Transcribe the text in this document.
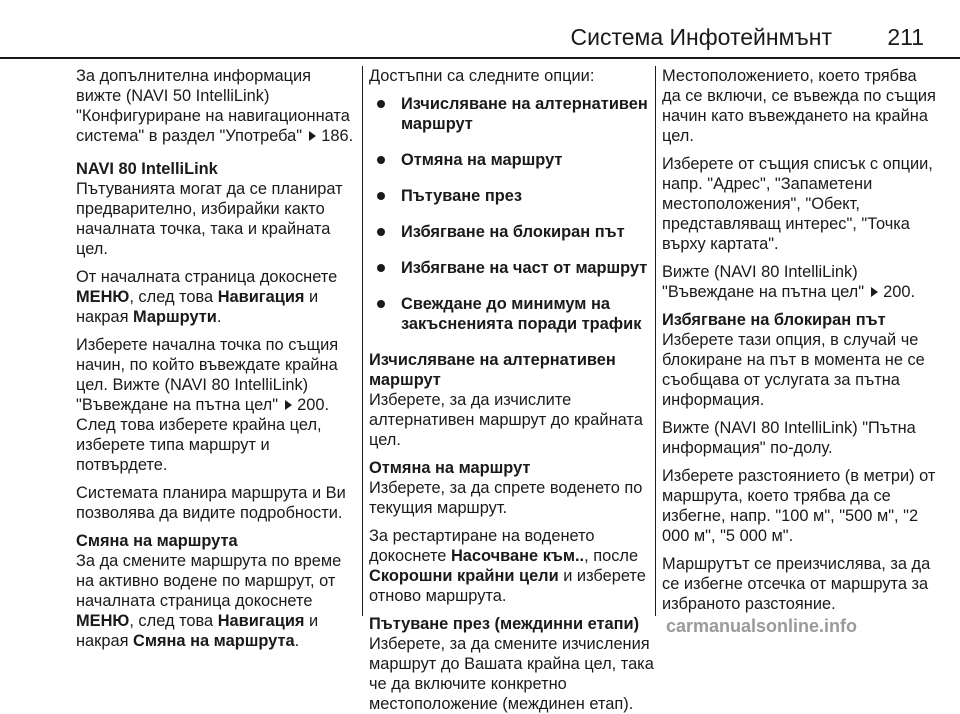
Система Инфотейнмънт 211

За допълнителна информация вижте (NAVI 50 IntelliLink) "Конфигуриране на навигационната система" в раздел "Употреба" 186.

NAVI 80 IntelliLink

Пътуванията могат да се планират предварително, избирайки както началната точка, така и крайната цел.

От началната страница докоснете МЕНЮ, след това Навигация и накрая Маршрути.

Изберете начална точка по същия начин, по който въвеждате крайна цел. Вижте (NAVI 80 IntelliLink) "Въвеждане на пътна цел" 200.
След това изберете крайна цел, изберете типа маршрут и потвърдете.

Системата планира маршрута и Ви позволява да видите подробности.

Смяна на маршрута

За да смените маршрута по време на активно водене по маршрут, от началната страница докоснете МЕНЮ, след това Навигация и накрая Смяна на маршрута.

Достъпни са следните опции:

Изчисляване на алтернативен маршрут
Отмяна на маршрут
Пътуване през
Избягване на блокиран път
Избягване на част от маршрут
Свеждане до минимум на закъсненията поради трафик
Изчисляване на алтернативен маршрут

Изберете, за да изчислите алтернативен маршрут до крайната цел.

Отмяна на маршрут

Изберете, за да спрете воденето по текущия маршрут.

За рестартиране на воденето докоснете Насочване към.., после Скорошни крайни цели и изберете отново маршрута.

Пътуване през (междинни етапи)

Изберете, за да смените изчисления маршрут до Вашата крайна цел, така че да включите конкретно местоположение (междинен етап).

Местоположението, което трябва да се включи, се въвежда по същия начин като въвеждането на крайна цел.

Изберете от същия списък с опции, напр. "Адрес", "Запаметени местоположения", "Обект, представляващ интерес", "Точка върху картата".

Вижте (NAVI 80 IntelliLink) "Въвеждане на пътна цел" 200.

Избягване на блокиран път

Изберете тази опция, в случай че блокиране на път в момента не се съобщава от услугата за пътна информация.

Вижте (NAVI 80 IntelliLink) "Пътна информация" по-долу.

Изберете разстоянието (в метри) от маршрута, което трябва да се избегне, напр. "100 м", "500 м", "2 000 м", "5 000 м".

Маршрутът се преизчислява, за да се избегне отсечка от маршрута за избраното разстояние.

carmanualsonline.info
